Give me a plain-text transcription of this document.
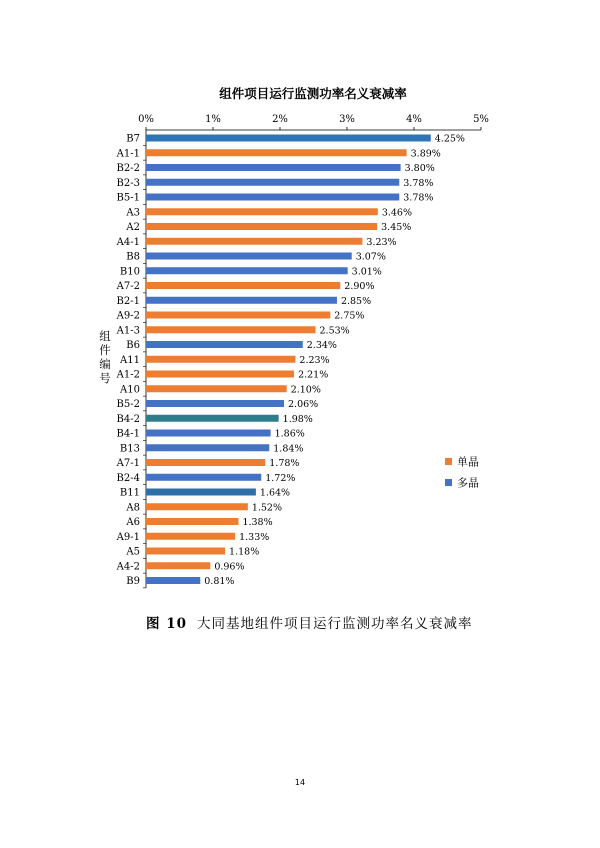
组件项目运行监测功率名义衰减率
0%	1%	2%	3%	4%	5%
B7	4.25%
A1-1	3.89%
B2-2	3.80%
B2-3	3.78%
B5-1	3.78%
A3	3.46%
A2	3.45%
A4-1	3.23%
B8	3.07%
B10	3.01%
A7-2	2.90%
B2-1	2.85%
A9-2	2.75%
A1-3	2.53%
B6	2.34%
A11	2.23%
A1-2	2.21%
A10	2.10%
B5-2	2.06%
B4-2	1.98%
B4-1	1.86%
B13	1.84%
A7-1	1.78%
B2-4	1.72%
B11	1.64%
A8	1.52%
A6	1.38%
A9-1	1.33%
A5	1.18%
A4-2	0.96%
B9	0.81%
组
件
编
号
单晶
多晶
图 10 大同基地组件项目运行监测功率名义衰减率
14
